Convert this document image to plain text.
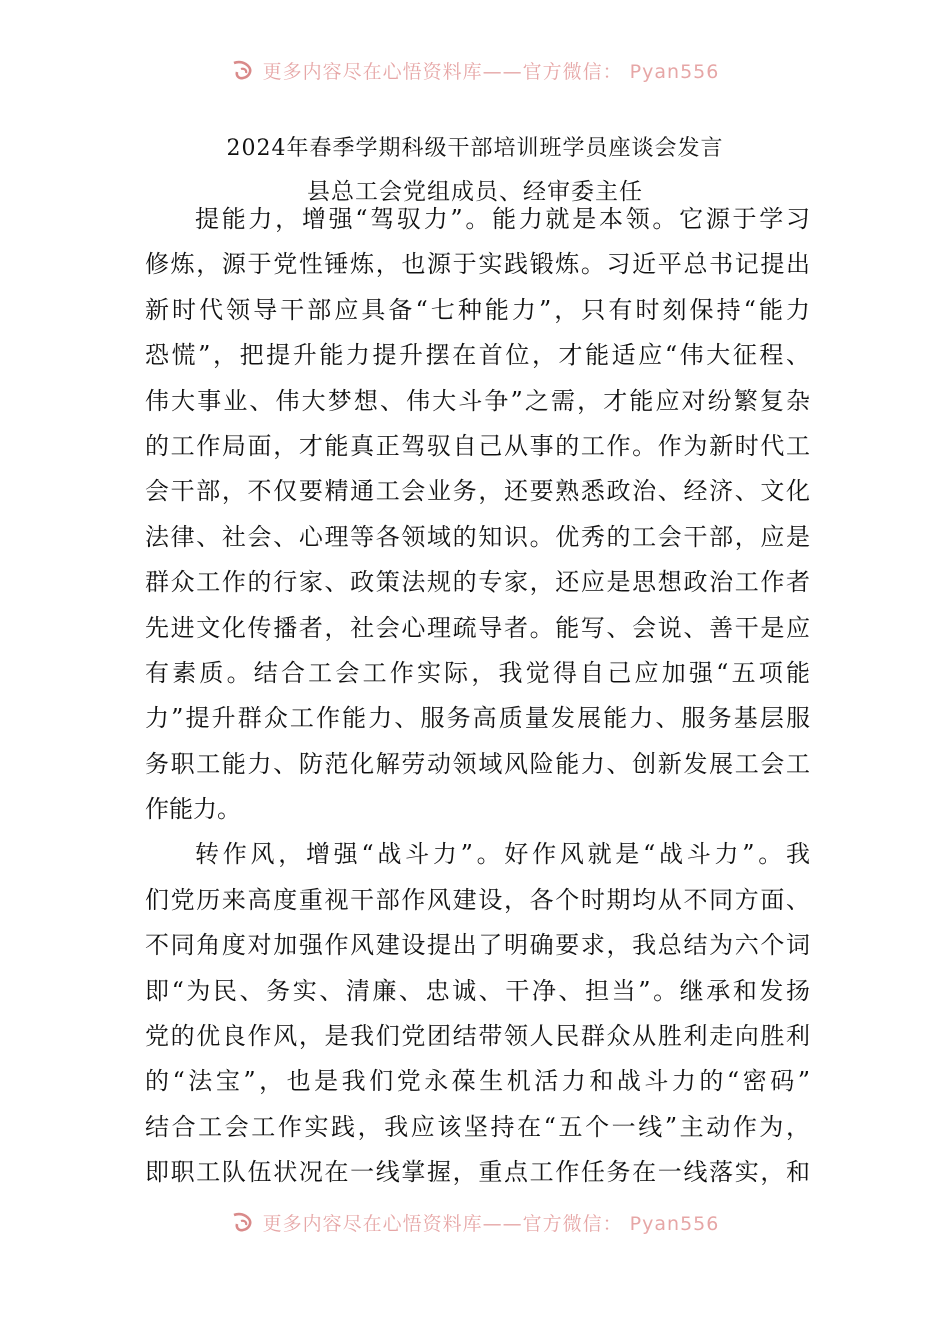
更多内容尽在心悟资料库——官方微信： Pyan556
2024年春季学期科级干部培训班学员座谈会发言
县总工会党组成员、经审委主任
提能力，增强“驾驭力”。能力就是本领。它源于学习
修炼，源于党性锤炼，也源于实践锻炼。习近平总书记提出
新时代领导干部应具备“七种能力”，只有时刻保持“能力
恐慌”，把提升能力提升摆在首位，才能适应“伟大征程、
伟大事业、伟大梦想、伟大斗争”之需，才能应对纷繁复杂
的工作局面，才能真正驾驭自己从事的工作。作为新时代工
会干部，不仅要精通工会业务，还要熟悉政治、经济、文化
法律、社会、心理等各领域的知识。优秀的工会干部，应是
群众工作的行家、政策法规的专家，还应是思想政治工作者
先进文化传播者，社会心理疏导者。能写、会说、善干是应
有素质。结合工会工作实际，我觉得自己应加强“五项能
力”提升群众工作能力、服务高质量发展能力、服务基层服
务职工能力、防范化解劳动领域风险能力、创新发展工会工
作能力。
转作风，增强“战斗力”。好作风就是“战斗力”。我
们党历来高度重视干部作风建设，各个时期均从不同方面、
不同角度对加强作风建设提出了明确要求，我总结为六个词
即“为民、务实、清廉、忠诚、干净、担当”。继承和发扬
党的优良作风，是我们党团结带领人民群众从胜利走向胜利
的“法宝”，也是我们党永葆生机活力和战斗力的“密码”
结合工会工作实践，我应该坚持在“五个一线”主动作为，
即职工队伍状况在一线掌握，重点工作任务在一线落实，和
更多内容尽在心悟资料库——官方微信： Pyan556
